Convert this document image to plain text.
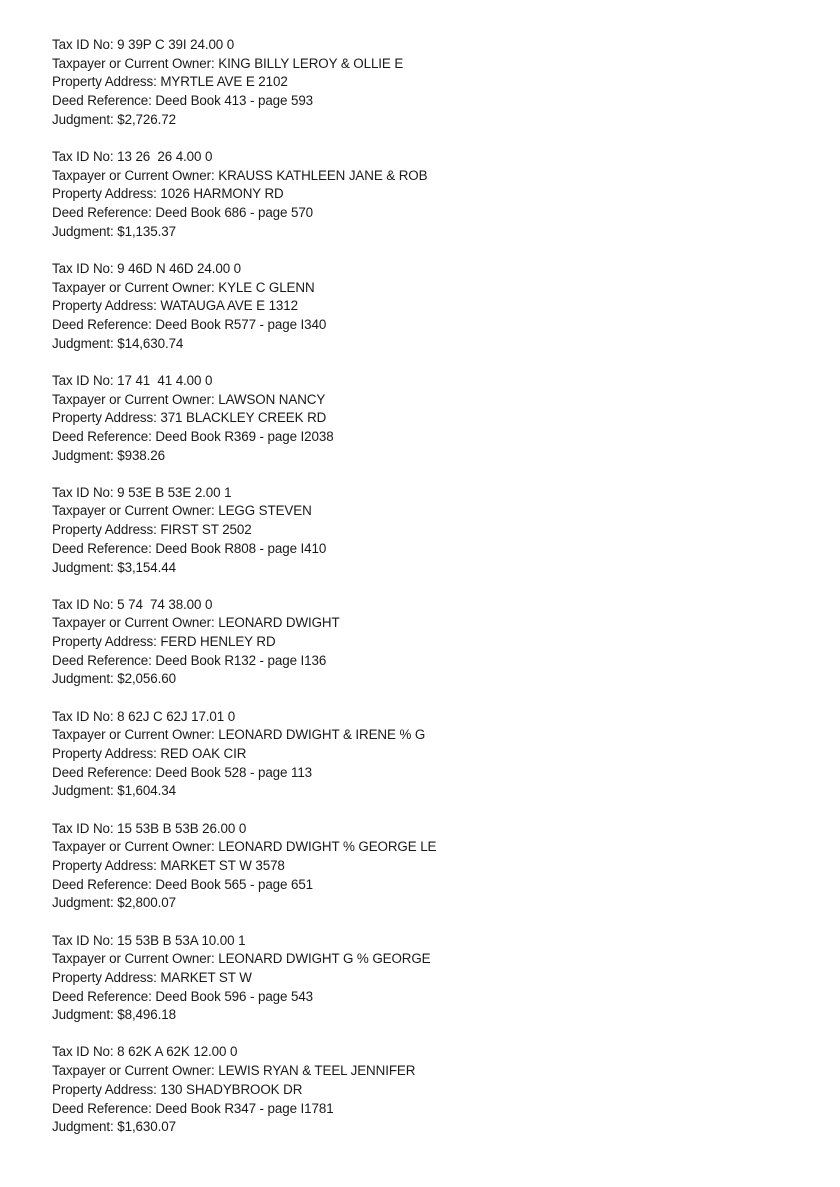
Tax ID No: 9 39P C 39I 24.00 0
Taxpayer or Current Owner: KING BILLY LEROY & OLLIE E
Property Address: MYRTLE AVE E 2102
Deed Reference: Deed Book 413 - page 593
Judgment: $2,726.72
Tax ID No: 13 26  26 4.00 0
Taxpayer or Current Owner: KRAUSS KATHLEEN JANE & ROB
Property Address: 1026 HARMONY RD
Deed Reference: Deed Book 686 - page 570
Judgment: $1,135.37
Tax ID No: 9 46D N 46D 24.00 0
Taxpayer or Current Owner: KYLE C GLENN
Property Address: WATAUGA AVE E 1312
Deed Reference: Deed Book R577 - page I340
Judgment: $14,630.74
Tax ID No: 17 41  41 4.00 0
Taxpayer or Current Owner: LAWSON NANCY
Property Address: 371 BLACKLEY CREEK RD
Deed Reference: Deed Book R369 - page I2038
Judgment: $938.26
Tax ID No: 9 53E B 53E 2.00 1
Taxpayer or Current Owner: LEGG STEVEN
Property Address: FIRST ST 2502
Deed Reference: Deed Book R808 - page I410
Judgment: $3,154.44
Tax ID No: 5 74  74 38.00 0
Taxpayer or Current Owner: LEONARD DWIGHT
Property Address: FERD HENLEY RD
Deed Reference: Deed Book R132 - page I136
Judgment: $2,056.60
Tax ID No: 8 62J C 62J 17.01 0
Taxpayer or Current Owner: LEONARD DWIGHT & IRENE % G
Property Address: RED OAK CIR
Deed Reference: Deed Book 528 - page 113
Judgment: $1,604.34
Tax ID No: 15 53B B 53B 26.00 0
Taxpayer or Current Owner: LEONARD DWIGHT % GEORGE LE
Property Address: MARKET ST W 3578
Deed Reference: Deed Book 565 - page 651
Judgment: $2,800.07
Tax ID No: 15 53B B 53A 10.00 1
Taxpayer or Current Owner: LEONARD DWIGHT G % GEORGE
Property Address: MARKET ST W
Deed Reference: Deed Book 596 - page 543
Judgment: $8,496.18
Tax ID No: 8 62K A 62K 12.00 0
Taxpayer or Current Owner: LEWIS RYAN & TEEL JENNIFER
Property Address: 130 SHADYBROOK DR
Deed Reference: Deed Book R347 - page I1781
Judgment: $1,630.07
